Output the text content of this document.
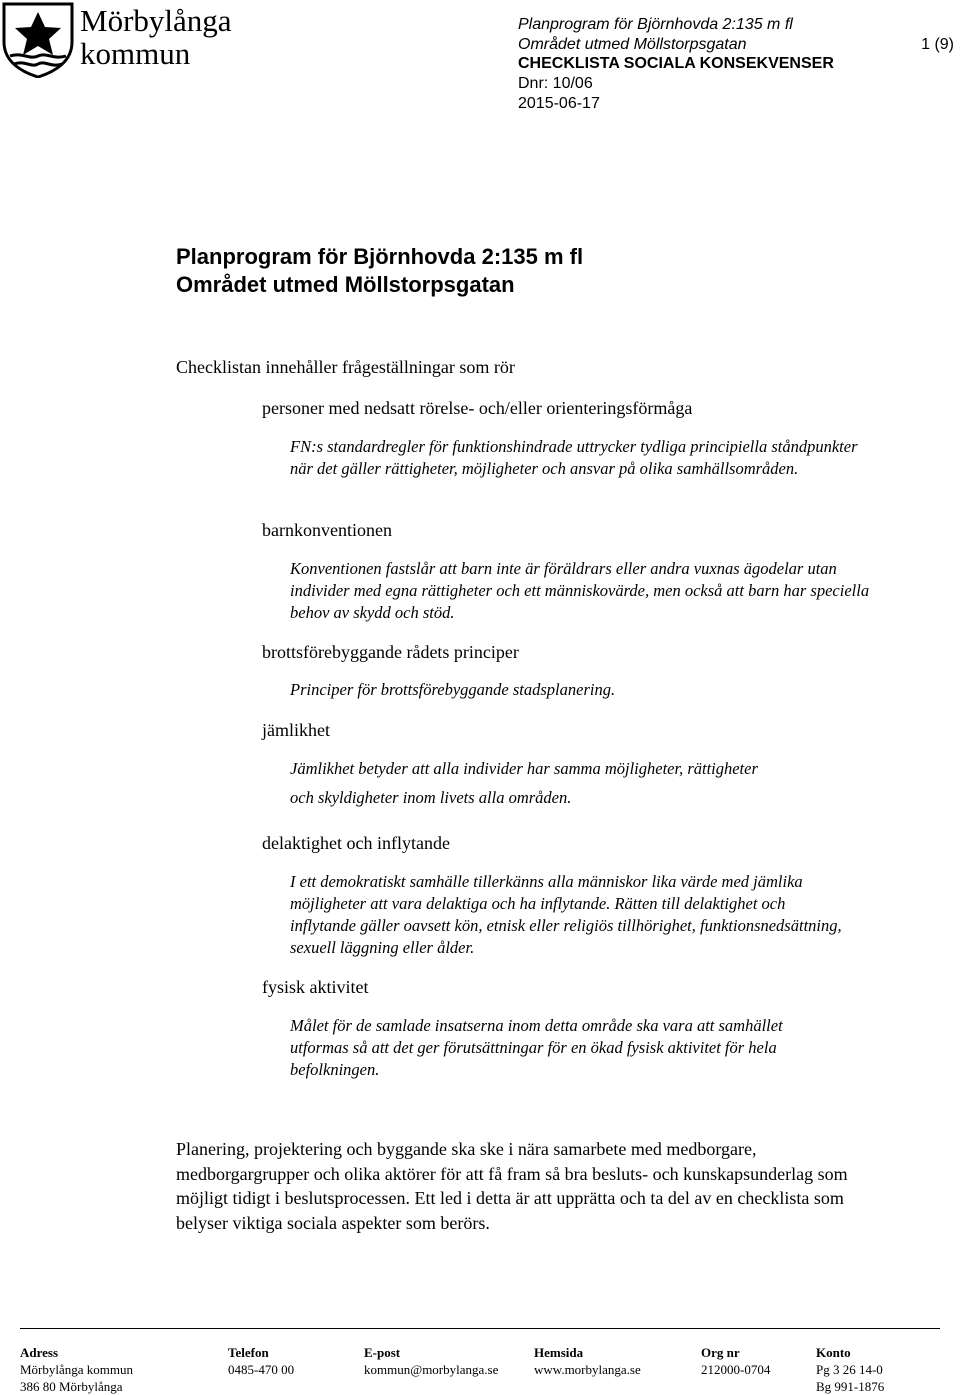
Mörbylånga
kommun
Planprogram för Björnhovda 2:135 m fl
Området utmed Möllstorpsgatan
CHECKLISTA SOCIALA KONSEKVENSER
Dnr: 10/06
2015-06-17
1 (9)
Planprogram för Björnhovda 2:135 m fl
Området utmed Möllstorpsgatan
Checklistan innehåller frågeställningar som rör
personer med nedsatt rörelse- och/eller orienteringsförmåga
FN:s standardregler för funktionshindrade uttrycker tydliga principiella ståndpunkter när det gäller rättigheter, möjligheter och ansvar på olika samhällsområden.
barnkonventionen
Konventionen fastslår att barn inte är föräldrars eller andra vuxnas ägodelar utan individer med egna rättigheter och ett människovärde, men också att barn har speciella behov av skydd och stöd.
brottsförebyggande rådets principer
Principer för brottsförebyggande stadsplanering.
jämlikhet
Jämlikhet betyder att alla individer har samma möjligheter, rättigheter
och skyldigheter inom livets alla områden.
delaktighet och inflytande
I ett demokratiskt samhälle tillerkänns alla människor lika värde med jämlika möjligheter att vara delaktiga och ha inflytande. Rätten till delaktighet och inflytande gäller oavsett kön, etnisk eller religiös tillhörighet, funktionsnedsättning, sexuell läggning eller ålder.
fysisk aktivitet
Målet för de samlade insatserna inom detta område ska vara att samhället utformas så att det ger förutsättningar för en ökad fysisk aktivitet för hela befolkningen.
Planering, projektering och byggande ska ske i nära samarbete med medborgare, medborgargrupper och olika aktörer för att få fram så bra besluts- och kunskapsunderlag som möjligt tidigt i beslutsprocessen. Ett led i detta är att upprätta och ta del av en checklista som belyser viktiga sociala aspekter som berörs.
Adress
Mörbylånga kommun
386 80 Mörbylånga
Telefon
0485-470 00
E-post
kommun@morbylanga.se
Hemsida
www.morbylanga.se
Org nr
212000-0704
Konto
Pg 3 26 14-0
Bg 991-1876
